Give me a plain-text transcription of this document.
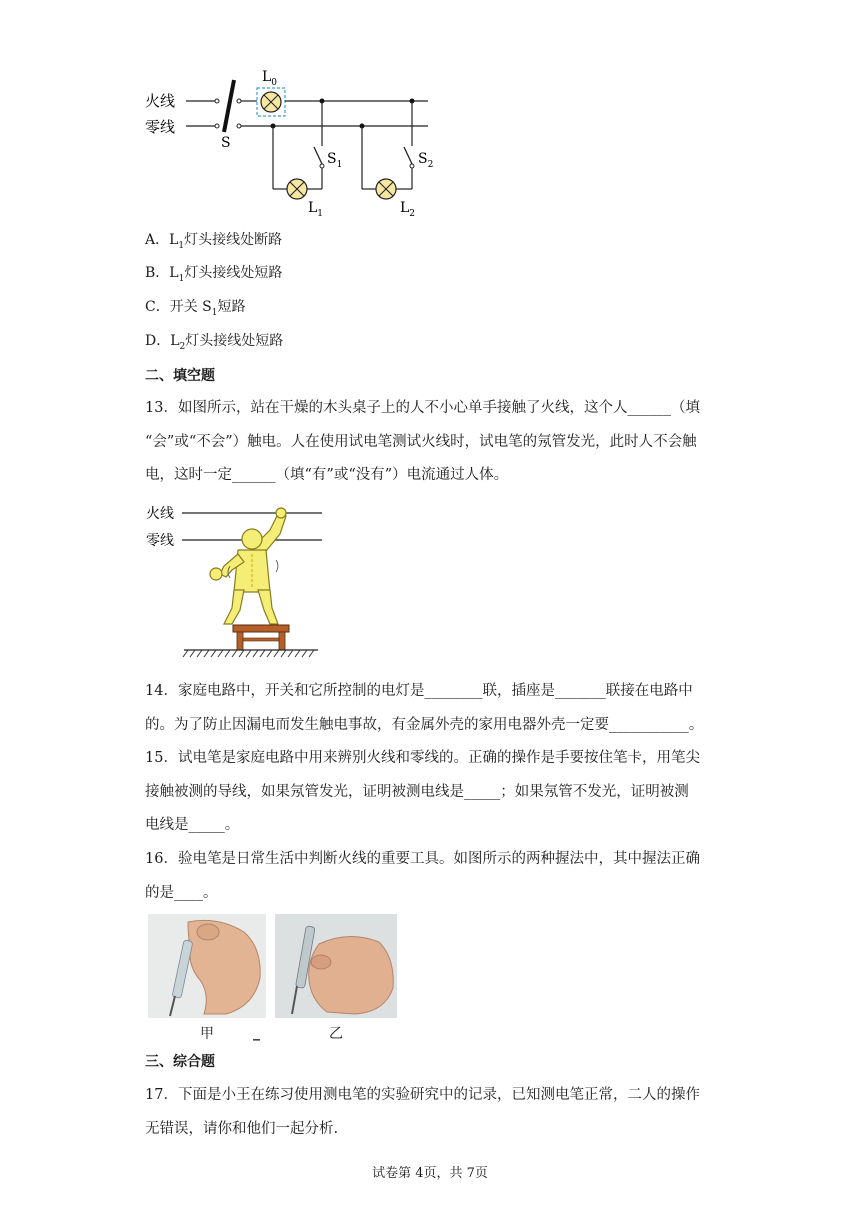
火线
零线
S
$L_0$
$S_1$
$L_1$
$S_2$
$L_2$
A．$L_1$灯头接线处断路
B．$L_1$灯头接线处短路
C．开关 $S_1$短路
D．$L_2$灯头接线处短路
二、填空题
13．如图所示，站在干燥的木头桌子上的人不小心单手接触了火线，这个人______（填
“会”或“不会”）触电。人在使用试电笔测试火线时，试电笔的氖管发光，此时人不会触
电，这时一定______（填“有”或“没有”）电流通过人体。
火线
零线
14．家庭电路中，开关和它所控制的电灯是________联，插座是_______联接在电路中
的。为了防止因漏电而发生触电事故，有金属外壳的家用电器外壳一定要___________。
15．试电笔是家庭电路中用来辨别火线和零线的。正确的操作是手要按住笔卡，用笔尖
接触被测的导线，如果氖管发光，证明被测电线是_____；如果氖管不发光，证明被测
电线是_____。
16．验电笔是日常生活中判断火线的重要工具。如图所示的两种握法中，其中握法正确
的是____。
甲	_	乙
三、综合题
17．下面是小王在练习使用测电笔的实验研究中的记录，已知测电笔正常，二人的操作
无错误，请你和他们一起分析.
试卷第 4页，共 7页
